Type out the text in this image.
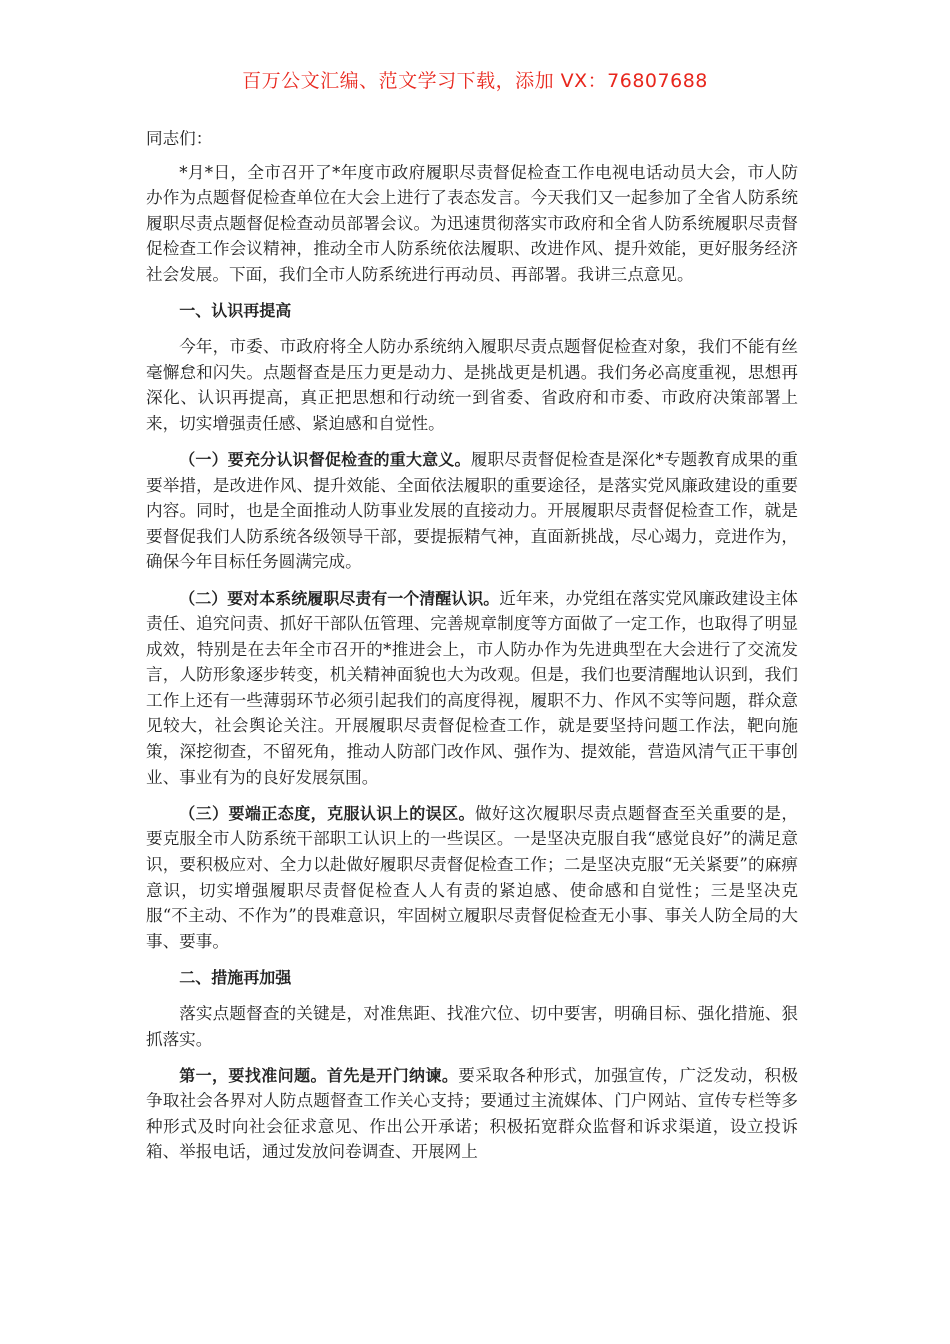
百万公文汇编、范文学习下载，添加 VX：76807688

同志们：

*月*日，全市召开了*年度市政府履职尽责督促检查工作电视电话动员大会，市人防办作为点题督促检查单位在大会上进行了表态发言。今天我们又一起参加了全省人防系统履职尽责点题督促检查动员部署会议。为迅速贯彻落实市政府和全省人防系统履职尽责督促检查工作会议精神，推动全市人防系统依法履职、改进作风、提升效能，更好服务经济社会发展。下面，我们全市人防系统进行再动员、再部署。我讲三点意见。

一、认识再提高

今年，市委、市政府将全人防办系统纳入履职尽责点题督促检查对象，我们不能有丝毫懈怠和闪失。点题督查是压力更是动力、是挑战更是机遇。我们务必高度重视，思想再深化、认识再提高，真正把思想和行动统一到省委、省政府和市委、市政府决策部署上来，切实增强责任感、紧迫感和自觉性。

（一）要充分认识督促检查的重大意义。履职尽责督促检查是深化*专题教育成果的重要举措，是改进作风、提升效能、全面依法履职的重要途径，是落实党风廉政建设的重要内容。同时，也是全面推动人防事业发展的直接动力。开展履职尽责督促检查工作，就是要督促我们人防系统各级领导干部，要提振精气神，直面新挑战，尽心竭力，竞进作为，确保今年目标任务圆满完成。

（二）要对本系统履职尽责有一个清醒认识。近年来，办党组在落实党风廉政建设主体责任、追究问责、抓好干部队伍管理、完善规章制度等方面做了一定工作，也取得了明显成效，特别是在去年全市召开的*推进会上，市人防办作为先进典型在大会进行了交流发言，人防形象逐步转变，机关精神面貌也大为改观。但是，我们也要清醒地认识到，我们工作上还有一些薄弱环节必须引起我们的高度得视，履职不力、作风不实等问题，群众意见较大，社会舆论关注。开展履职尽责督促检查工作，就是要坚持问题工作法，靶向施策，深挖彻查，不留死角，推动人防部门改作风、强作为、提效能，营造风清气正干事创业、事业有为的良好发展氛围。

（三）要端正态度，克服认识上的误区。做好这次履职尽责点题督查至关重要的是，要克服全市人防系统干部职工认识上的一些误区。一是坚决克服自我“感觉良好”的满足意识，要积极应对、全力以赴做好履职尽责督促检查工作；二是坚决克服“无关紧要”的麻痹意识，切实增强履职尽责督促检查人人有责的紧迫感、使命感和自觉性；三是坚决克服“不主动、不作为”的畏难意识，牢固树立履职尽责督促检查无小事、事关人防全局的大事、要事。

二、措施再加强

落实点题督查的关键是，对准焦距、找准穴位、切中要害，明确目标、强化措施、狠抓落实。

第一，要找准问题。首先是开门纳谏。要采取各种形式，加强宣传，广泛发动，积极争取社会各界对人防点题督查工作关心支持；要通过主流媒体、门户网站、宣传专栏等多种形式及时向社会征求意见、作出公开承诺；积极拓宽群众监督和诉求渠道，设立投诉箱、举报电话，通过发放问卷调查、开展网上
